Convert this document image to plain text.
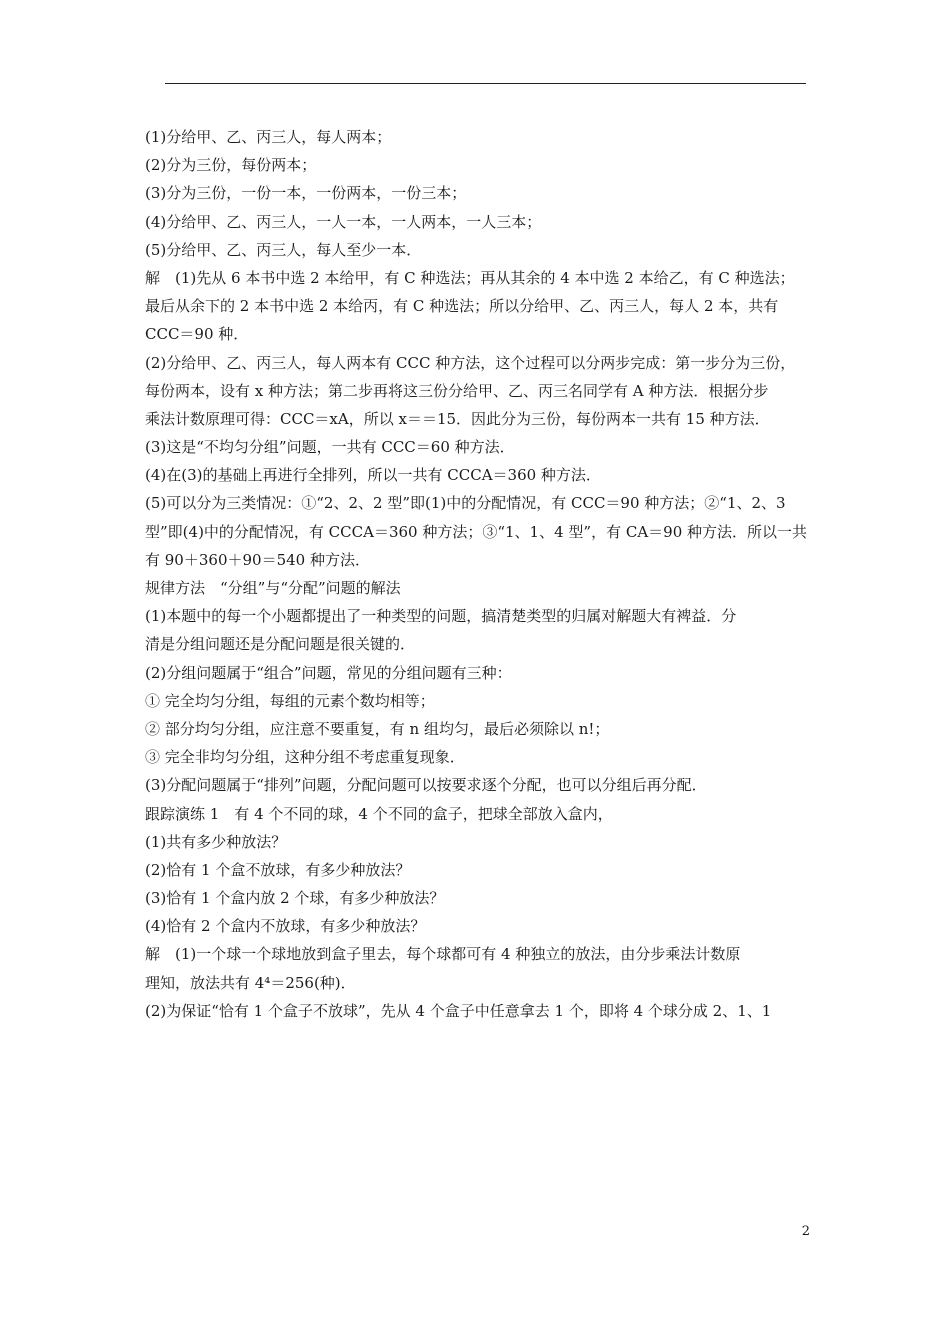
(1)分给甲、乙、丙三人，每人两本；
(2)分为三份，每份两本；
(3)分为三份，一份一本，一份两本，一份三本；
(4)分给甲、乙、丙三人，一人一本，一人两本，一人三本；
(5)分给甲、乙、丙三人，每人至少一本．
解　(1)先从 6 本书中选 2 本给甲，有 C 种选法；再从其余的 4 本中选 2 本给乙，有 C 种选法；
最后从余下的 2 本书中选 2 本给丙，有 C 种选法；所以分给甲、乙、丙三人，每人 2 本，共有
CCC＝90 种．
(2)分给甲、乙、丙三人，每人两本有 CCC 种方法，这个过程可以分两步完成：第一步分为三份，
每份两本，设有 x 种方法；第二步再将这三份分给甲、乙、丙三名同学有 A 种方法．根据分步
乘法计数原理可得：CCC＝xA，所以 x＝＝15．因此分为三份，每份两本一共有 15 种方法．
(3)这是“不均匀分组”问题，一共有 CCC＝60 种方法．
(4)在(3)的基础上再进行全排列，所以一共有 CCCA＝360 种方法．
(5)可以分为三类情况：①“2、2、2 型”即(1)中的分配情况，有 CCC＝90 种方法；②“1、2、3
型”即(4)中的分配情况，有 CCCA＝360 种方法；③“1、1、4 型”，有 CA＝90 种方法．所以一共
有 90＋360＋90＝540 种方法．
规律方法　“分组”与“分配”问题的解法
(1)本题中的每一个小题都提出了一种类型的问题，搞清楚类型的归属对解题大有裨益．分
清是分组问题还是分配问题是很关键的．
(2)分组问题属于“组合”问题，常见的分组问题有三种：
① 完全均匀分组，每组的元素个数均相等；
② 部分均匀分组，应注意不要重复，有 n 组均匀，最后必须除以 n!；
③ 完全非均匀分组，这种分组不考虑重复现象．
(3)分配问题属于“排列”问题，分配问题可以按要求逐个分配，也可以分组后再分配．
跟踪演练 1　有 4 个不同的球，4 个不同的盒子，把球全部放入盒内，
(1)共有多少种放法？
(2)恰有 1 个盒不放球，有多少种放法？
(3)恰有 1 个盒内放 2 个球，有多少种放法？
(4)恰有 2 个盒内不放球，有多少种放法？
解　(1)一个球一个球地放到盒子里去，每个球都可有 4 种独立的放法，由分步乘法计数原
理知，放法共有 4⁴＝256(种)．
(2)为保证“恰有 1 个盒子不放球”，先从 4 个盒子中任意拿去 1 个，即将 4 个球分成 2、1、1
2
